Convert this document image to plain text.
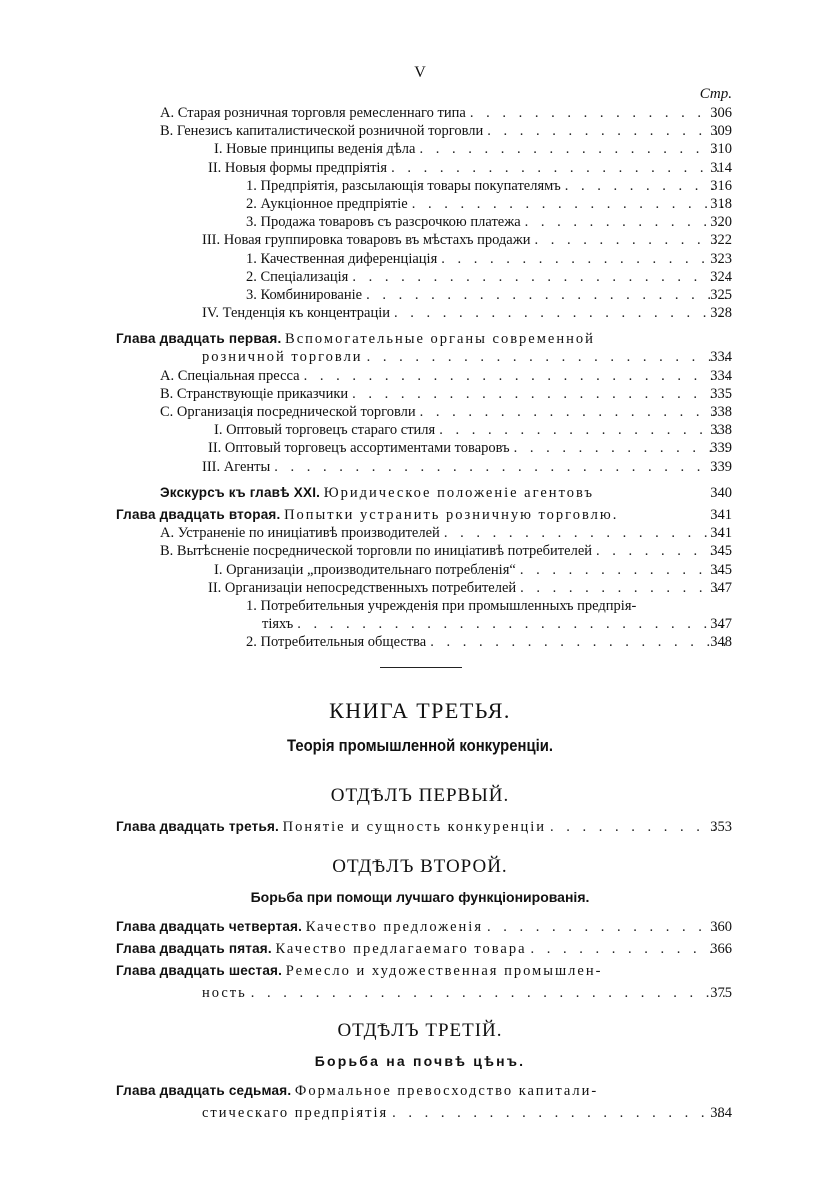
V
Стр.
A. Старая розничная торговля ремесленнаго типа . . .	306
B. Генезисъ капиталистической розничной торговли . . .	309
I. Новые принципы веденія дѣла . . .	310
II. Новыя формы предпріятія . . .	314
1. Предпріятія, разсылающія товары покупателямъ . . .	316
2. Аукціонное предпріятіе . . .	318
3. Продажа товаровъ съ разсрочкою платежа . . .	320
III. Новая группировка товаровъ въ мѣстахъ продажи . . .	322
1. Качественная диференціація . . .	323
2. Спеціализація . . .	324
3. Комбинированіе . . .	325
IV. Тенденція къ концентраціи . . .	328
Глава двадцать первая. Вспомогательные органы современной
розничной торговли . . .	334
A. Спеціальная пресса . . .	334
B. Странствующіе приказчики . . .	335
C. Организація посреднической торговли . . .	338
I. Оптовый торговецъ стараго стиля . . .	338
II. Оптовый торговецъ ассортиментами товаровъ . . .	339
III. Агенты . . .	339
Экскурсъ къ главѣ XXI. Юридическое положеніе агентовъ	340
Глава двадцать вторая. Попытки устранить розничную торговлю.	341
A. Устраненіе по иниціативѣ производителей . . .	341
B. Вытѣсненіе посреднической торговли по иниціативѣ потребителей . . .	345
I. Организаціи „производительнаго потребленія“ . . .	345
II. Организаціи непосредственныхъ потребителей . . .	347
1. Потребительныя учрежденія при промышленныхъ предпрія-
тіяхъ . . .	347
2. Потребительныя общества . . .	348
КНИГА ТРЕТЬЯ.
Теорія промышленной конкуренціи.
ОТДѢЛЪ ПЕРВЫЙ.
Глава двадцать третья. Понятіе и сущность конкуренціи . . .	353
ОТДѢЛЪ ВТОРОЙ.
Борьба при помощи лучшаго функціонированія.
Глава двадцать четвертая. Качество предложенія . . .	360
Глава двадцать пятая. Качество предлагаемаго товара . . .	366
Глава двадцать шестая. Ремесло и художественная промышлен-
ность . . .	375
ОТДѢЛЪ ТРЕТІЙ.
Борьба на почвѣ цѣнъ.
Глава двадцать седьмая. Формальное превосходство капитали-
стическаго предпріятія . . .	384
